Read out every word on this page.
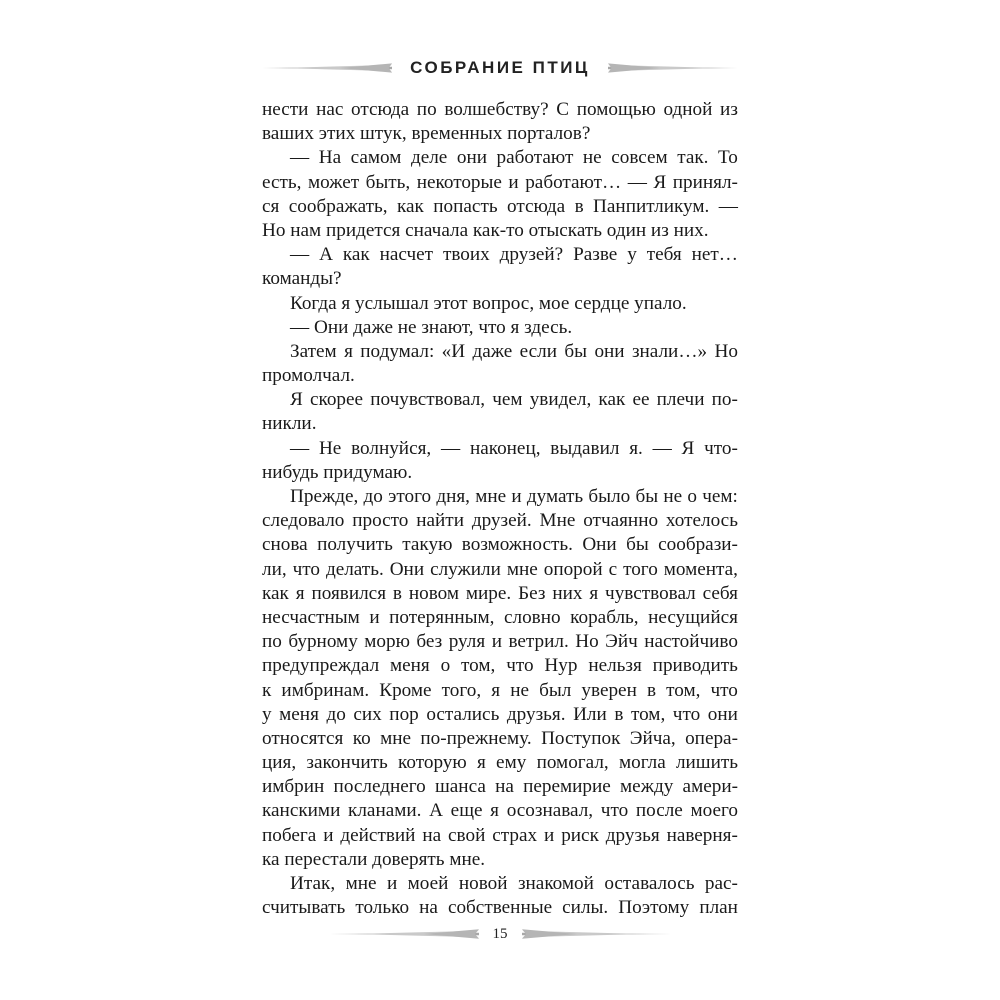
СОБРАНИЕ ПТИЦ
нести нас отсюда по волшебству? С помощью одной из
ваших этих штук, временных порталов?
— На самом деле они работают не совсем так. То
есть, может быть, некоторые и работают… — Я принял-
ся соображать, как попасть отсюда в Панпитликум. —
Но нам придется сначала как-то отыскать один из них.
— А как насчет твоих друзей? Разве у тебя нет…
команды?
Когда я услышал этот вопрос, мое сердце упало.
— Они даже не знают, что я здесь.
Затем я подумал: «И даже если бы они знали…» Но
промолчал.
Я скорее почувствовал, чем увидел, как ее плечи по-
никли.
— Не волнуйся, — наконец, выдавил я. — Я что-
нибудь придумаю.
Прежде, до этого дня, мне и думать было бы не о чем:
следовало просто найти друзей. Мне отчаянно хотелось
снова получить такую возможность. Они бы сообрази-
ли, что делать. Они служили мне опорой с того момента,
как я появился в новом мире. Без них я чувствовал себя
несчастным и потерянным, словно корабль, несущийся
по бурному морю без руля и ветрил. Но Эйч настойчиво
предупреждал меня о том, что Нур нельзя приводить
к имбринам. Кроме того, я не был уверен в том, что
у меня до сих пор остались друзья. Или в том, что они
относятся ко мне по-прежнему. Поступок Эйча, опера-
ция, закончить которую я ему помогал, могла лишить
имбрин последнего шанса на перемирие между амери-
канскими кланами. А еще я осознавал, что после моего
побега и действий на свой страх и риск друзья наверня-
ка перестали доверять мне.
Итак, мне и моей новой знакомой оставалось рас-
считывать только на собственные силы. Поэтому план
15
